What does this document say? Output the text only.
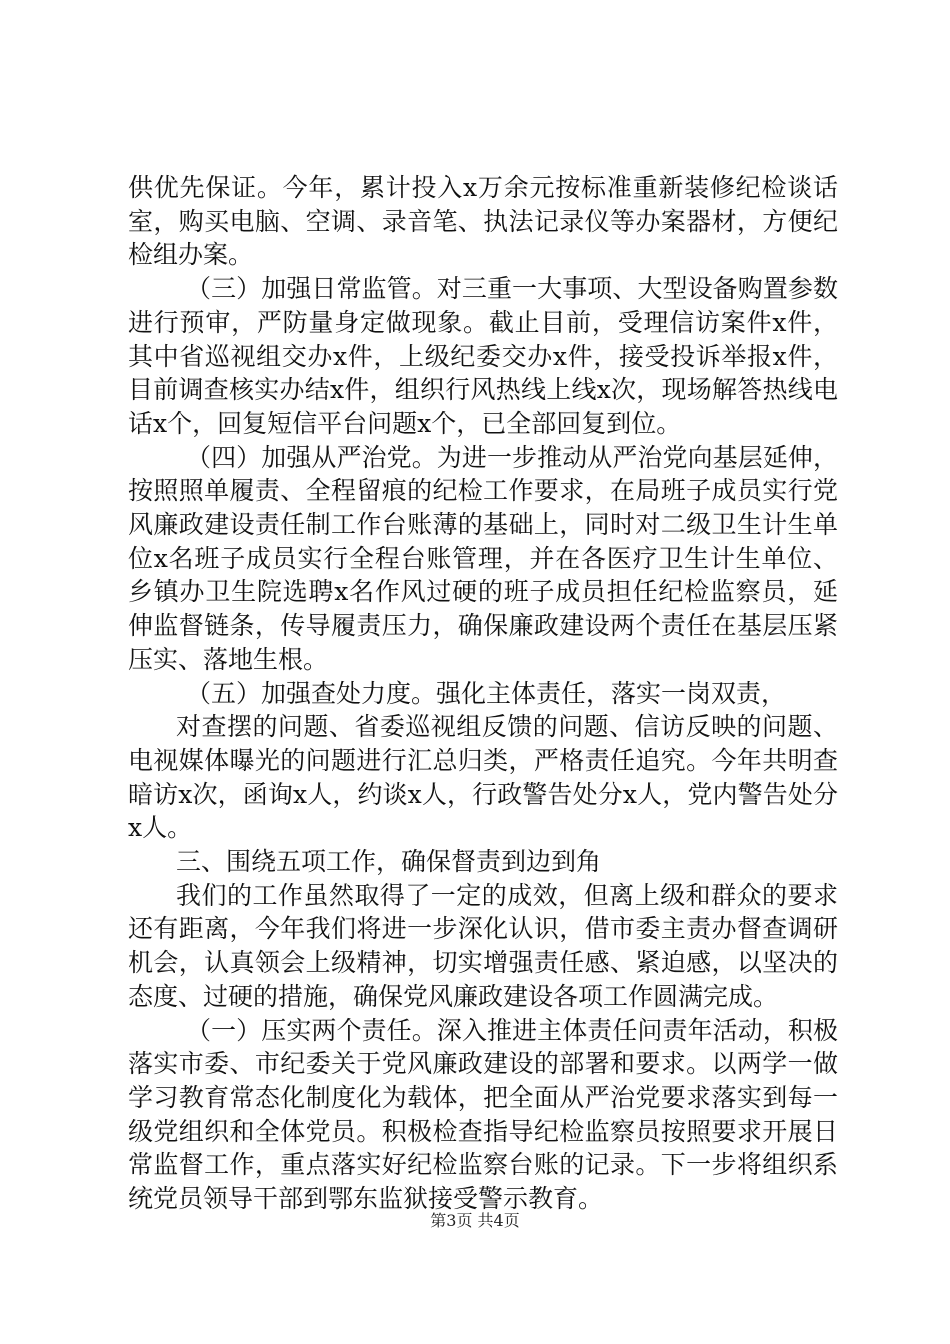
供优先保证。今年，累计投入x万余元按标准重新装修纪检谈话室，购买电脑、空调、录音笔、执法记录仪等办案器材，方便纪检组办案。

（三）加强日常监管。对三重一大事项、大型设备购置参数进行预审，严防量身定做现象。截止目前，受理信访案件x件，其中省巡视组交办x件，上级纪委交办x件，接受投诉举报x件，目前调查核实办结x件，组织行风热线上线x次，现场解答热线电话x个，回复短信平台问题x个，已全部回复到位。

（四）加强从严治党。为进一步推动从严治党向基层延伸，按照照单履责、全程留痕的纪检工作要求，在局班子成员实行党风廉政建设责任制工作台账薄的基础上，同时对二级卫生计生单位x名班子成员实行全程台账管理，并在各医疗卫生计生单位、乡镇办卫生院选聘x名作风过硬的班子成员担任纪检监察员，延伸监督链条，传导履责压力，确保廉政建设两个责任在基层压紧压实、落地生根。

（五）加强查处力度。强化主体责任，落实一岗双责，

对查摆的问题、省委巡视组反馈的问题、信访反映的问题、电视媒体曝光的问题进行汇总归类，严格责任追究。今年共明查暗访x次，函询x人，约谈x人，行政警告处分x人，党内警告处分x人。

三、围绕五项工作，确保督责到边到角

我们的工作虽然取得了一定的成效，但离上级和群众的要求还有距离，今年我们将进一步深化认识，借市委主责办督查调研机会，认真领会上级精神，切实增强责任感、紧迫感，以坚决的态度、过硬的措施，确保党风廉政建设各项工作圆满完成。

（一）压实两个责任。深入推进主体责任问责年活动，积极落实市委、市纪委关于党风廉政建设的部署和要求。以两学一做学习教育常态化制度化为载体，把全面从严治党要求落实到每一级党组织和全体党员。积极检查指导纪检监察员按照要求开展日常监督工作，重点落实好纪检监察台账的记录。下一步将组织系统党员领导干部到鄂东监狱接受警示教育。

第3页 共4页
